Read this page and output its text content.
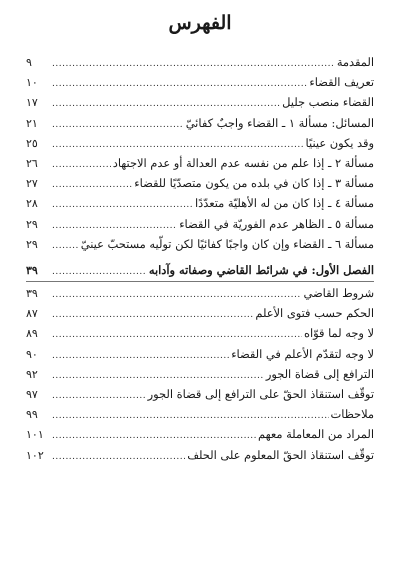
الفهرس
المقدمة
.....
٩
تعريف القضاء
.....
١٠
القضاء منصب جليل
.....
١٧
المسائل: مسألة ١ ـ القضاء واجبٌ كفائيّ
.....
٢١
وقد يكون عينيًا
.....
٢٥
مسألة ٢ ـ إذا علم من نفسه عدم العدالة أو عدم الاجتهاد
.....
٢٦
مسألة ٣ ـ إذا كان في بلده من يكون متصدّيًا للقضاء
.....
٢٧
مسألة ٤ ـ إذا كان من له الأهليّة متعدّدًا
.....
٢٨
مسألة ٥ ـ الظاهر عدم الفوريّة في القضاء
.....
٢٩
مسألة ٦ ـ القضاء وإن كان واجبًا كفائيًا لكن تولّيه مستحبّ عينيّ
.....
٢٩
الفصل الأول: في شرائط القاضي وصفاته وآدابه
.....
٣٩
شروط القاضي
.....
٣٩
الحكم حسب فتوى الأعلم
.....
٨٧
لا وجه لما قوّاه
.....
٨٩
لا وجه لتقدّم الأعلم في القضاء
.....
٩٠
الترافع إلى قضاة الجور
.....
٩٢
توقّف استنقاذ الحقّ على الترافع إلى قضاة الجور
.....
٩٧
ملاحظات
.....
٩٩
المراد من المعاملة معهم
.....
١٠١
توقّف استنقاذ الحقّ المعلوم على الحلف
.....
١٠٢
